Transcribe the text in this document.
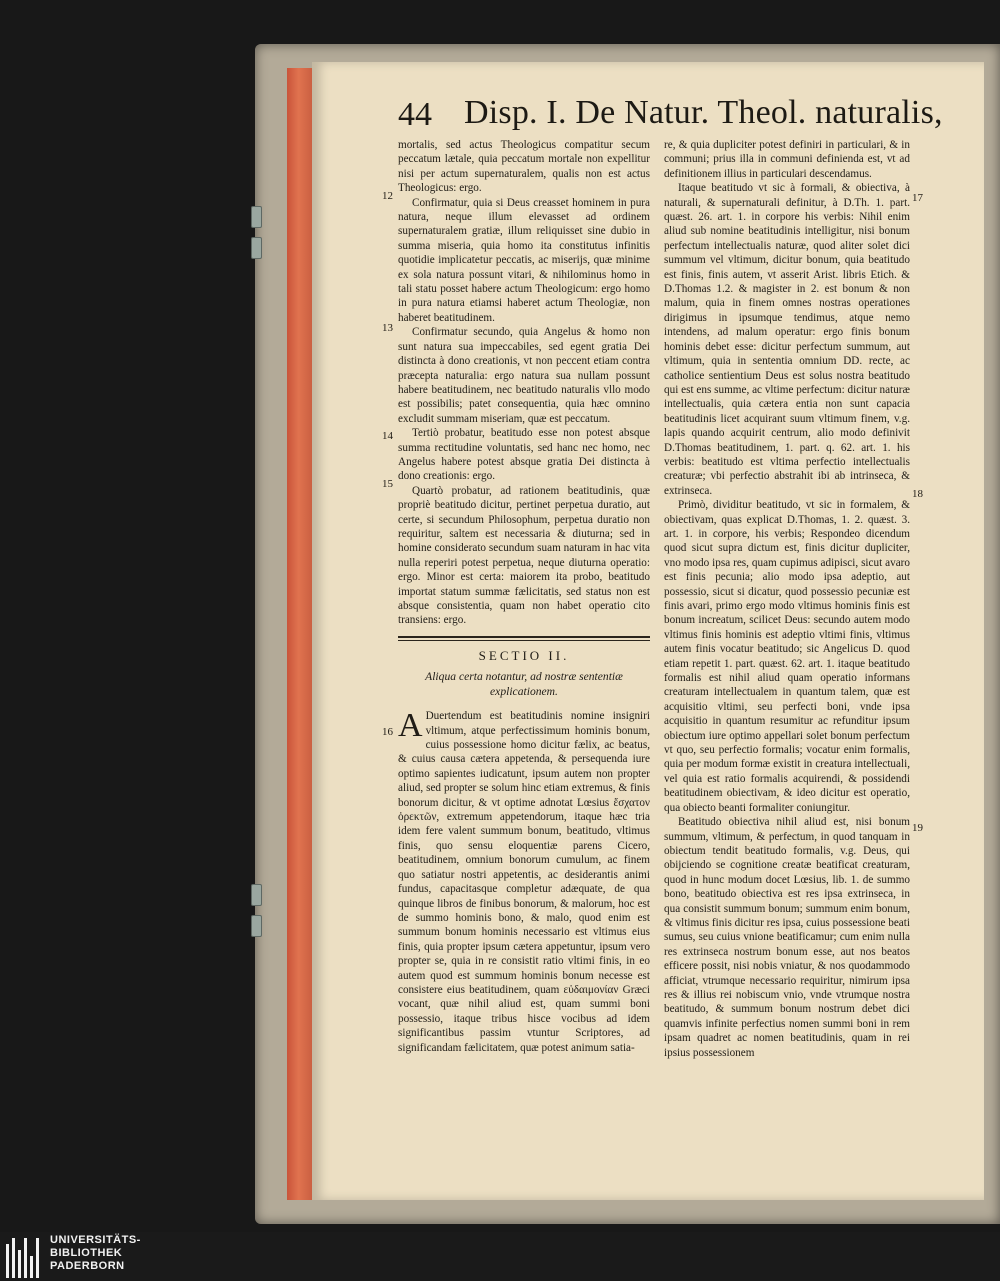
44 Disp. I. De Natur. Theol. naturalis,
12
13
14
15
16
17
18
19

mortalis, sed actus Theologicus compatitur secum peccatum lætale, quia peccatum mortale non expellitur nisi per actum supernaturalem, qualis non est actus Theologicus: ergo.

Confirmatur, quia si Deus creasset hominem in pura natura, neque illum elevasset ad ordinem supernaturalem gratiæ, illum reliquisset sine dubio in summa miseria, quia homo ita constitutus infinitis quotidie implicatetur peccatis, ac miserijs, quæ minime ex sola natura possunt vitari, & nihilominus homo in tali statu posset habere actum Theologicum: ergo homo in pura natura etiamsi haberet actum Theologiæ, non haberet beatitudinem.

Confirmatur secundo, quia Angelus & homo non sunt natura sua impeccabiles, sed egent gratia Dei distincta à dono creationis, vt non peccent etiam contra præcepta naturalia: ergo natura sua nullam possunt habere beatitudinem, nec beatitudo naturalis vllo modo est possibilis; patet consequentia, quia hæc omnino excludit summam miseriam, quæ est peccatum.

Tertiò probatur, beatitudo esse non potest absque summa rectitudine voluntatis, sed hanc nec homo, nec Angelus habere potest absque gratia Dei distincta à dono creationis: ergo.

Quartò probatur, ad rationem beatitudinis, quæ propriè beatitudo dicitur, pertinet perpetua duratio, aut certe, si secundum Philosophum, perpetua duratio non requiritur, saltem est necessaria & diuturna; sed in homine considerato secundum suam naturam in hac vita nulla reperiri potest perpetua, neque diuturna operatio: ergo. Minor est certa: maiorem ita probo, beatitudo importat statum summæ fælicitatis, sed status non est absque consistentia, quam non habet operatio cito transiens: ergo.

SECTIO II.
Aliqua certa notantur, ad nostræ sententiæ explicationem.

A Duertendum est beatitudinis nomine insigniri vltimum, atque perfectissimum hominis bonum, cuius possessione homo dicitur fælix, ac beatus, & cuius causa cætera appetenda, & persequenda iure optimo sapientes iudicatunt, ipsum autem non propter aliud, sed propter se solum hinc etiam extremus, & finis bonorum dicitur, & vt optime adnotat Lœsius ἔσχατον ὀρεκτῶν, extremum appetendorum, itaque hæc tria idem fere valent summum bonum, beatitudo, vltimus finis, quo sensu eloquentiæ parens Cicero, beatitudinem, omnium bonorum cumulum, ac finem quo satiatur nostri appetentis, ac desiderantis animi fundus, capacitasque completur adæquate, de qua quinque libros de finibus bonorum, & malorum, hoc est de summo hominis bono, & malo, quod enim est summum bonum hominis necessario est vltimus eius finis, quia propter ipsum cætera appetuntur, ipsum vero propter se, quia in re consistit ratio vltimi finis, in eo autem quod est summum hominis bonum necesse est consistere eius beatitudinem, quam εὐδαιμονίαν Græci vocant, quæ nihil aliud est, quam summi boni possessio, itaque tribus hisce vocibus ad idem significantibus passim vtuntur Scriptores, ad significandam fælicitatem, quæ potest animum satia-

re, & quia dupliciter potest definiri in particulari, & in communi; prius illa in communi definienda est, vt ad definitionem illius in particulari descendamus.

Itaque beatitudo vt sic à formali, & obiectiva, à naturali, & supernaturali definitur, à D.Th. 1. part. quæst. 26. art. 1. in corpore his verbis: Nihil enim aliud sub nomine beatitudinis intelligitur, nisi bonum perfectum intellectualis naturæ, quod aliter solet dici summum vel vltimum, dicitur bonum, quia beatitudo est finis, finis autem, vt asserit Arist. libris Etich. & D.Thomas 1.2. & magister in 2. est bonum & non malum, quia in finem omnes nostras operationes dirigimus in ipsumque tendimus, atque nemo intendens, ad malum operatur: ergo finis bonum hominis debet esse: dicitur perfectum summum, aut vltimum, quia in sententia omnium DD. recte, ac catholice sentientium Deus est solus nostra beatitudo qui est ens summe, ac vltime perfectum: dicitur naturæ intellectualis, quia cætera entia non sunt capacia beatitudinis licet acquirant suum vltimum finem, v.g. lapis quando acquirit centrum, alio modo definivit D.Thomas beatitudinem, 1. part. q. 62. art. 1. his verbis: beatitudo est vltima perfectio intellectualis creaturæ; vbi perfectio abstrahit ibi ab intrinseca, & extrinseca.

Primò, dividitur beatitudo, vt sic in formalem, & obiectivam, quas explicat D.Thomas, 1. 2. quæst. 3. art. 1. in corpore, his verbis; Respondeo dicendum quod sicut supra dictum est, finis dicitur dupliciter, vno modo ipsa res, quam cupimus adipisci, sicut avaro est finis pecunia; alio modo ipsa adeptio, aut possessio, sicut si dicatur, quod possessio pecuniæ est finis avari, primo ergo modo vltimus hominis finis est bonum increatum, scilicet Deus: secundo autem modo vltimus finis hominis est adeptio vltimi finis, vltimus autem finis vocatur beatitudo; sic Angelicus D. quod etiam repetit 1. part. quæst. 62. art. 1. itaque beatitudo formalis est nihil aliud quam operatio informans creaturam intellectualem in quantum talem, quæ est acquisitio vltimi, seu perfecti boni, vnde ipsa acquisitio in quantum resumitur ac refunditur ipsum obiectum iure optimo appellari solet bonum perfectum vt quo, seu perfectio formalis; vocatur enim formalis, quia per modum formæ existit in creatura intellectuali, vel quia est ratio formalis acquirendi, & possidendi beatitudinem obiectivam, & ideo dicitur est operatio, qua obiecto beanti formaliter coniungitur.

Beatitudo obiectiva nihil aliud est, nisi bonum summum, vltimum, & perfectum, in quod tanquam in obiectum tendit beatitudo formalis, v.g. Deus, qui obijciendo se cognitione creatæ beatificat creaturam, quod in hunc modum docet Lœsius, lib. 1. de summo bono, beatitudo obiectiva est res ipsa extrinseca, in qua consistit summum bonum; summum enim bonum, & vltimus finis dicitur res ipsa, cuius possessione beati sumus, seu cuius vnione beatificamur; cum enim nulla res extrinseca nostrum bonum esse, aut nos beatos efficere possit, nisi nobis vniatur, & nos quodammodo afficiat, vtrumque necessario requiritur, nimirum ipsa res & illius rei nobiscum vnio, vnde vtrumque nostra beatitudo, & summum bonum nostrum debet dici quamvis infinite perfectius nomen summi boni in rem ipsam quadret ac nomen beatitudinis, quam in rei ipsius possessionem

UNIVERSITÄTS-
BIBLIOTHEK
PADERBORN
